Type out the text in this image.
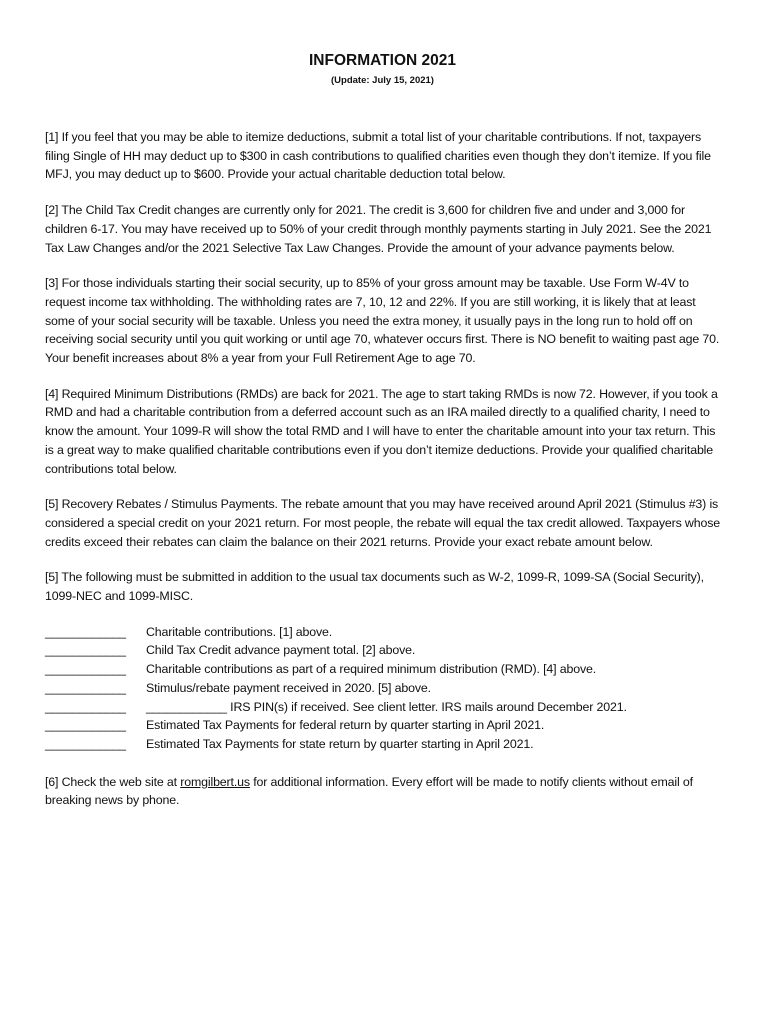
INFORMATION 2021
(Update: July 15, 2021)

[1] If you feel that you may be able to itemize deductions, submit a total list of your charitable contributions. If not, taxpayers filing Single of HH may deduct up to $300 in cash contributions to qualified charities even though they don’t itemize. If you file MFJ, you may deduct up to $600. Provide your actual charitable deduction total below.

[2] The Child Tax Credit changes are currently only for 2021. The credit is 3,600 for children five and under and 3,000 for children 6-17. You may have received up to 50% of your credit through monthly payments starting in July 2021. See the 2021 Tax Law Changes and/or the 2021 Selective Tax Law Changes. Provide the amount of your advance payments below.

[3] For those individuals starting their social security, up to 85% of your gross amount may be taxable. Use Form W-4V to request income tax withholding. The withholding rates are 7, 10, 12 and 22%. If you are still working, it is likely that at least some of your social security will be taxable. Unless you need the extra money, it usually pays in the long run to hold off on receiving social security until you quit working or until age 70, whatever occurs first. There is NO benefit to waiting past age 70. Your benefit increases about 8% a year from your Full Retirement Age to age 70.

[4] Required Minimum Distributions (RMDs) are back for 2021. The age to start taking RMDs is now 72. However, if you took a RMD and had a charitable contribution from a deferred account such as an IRA mailed directly to a qualified charity, I need to know the amount. Your 1099-R will show the total RMD and I will have to enter the charitable amount into your tax return. This is a great way to make qualified charitable contributions even if you don’t itemize deductions. Provide your qualified charitable contributions total below.

[5] Recovery Rebates / Stimulus Payments. The rebate amount that you may have received around April 2021 (Stimulus #3) is considered a special credit on your 2021 return. For most people, the rebate will equal the tax credit allowed. Taxpayers whose credits exceed their rebates can claim the balance on their 2021 returns. Provide your exact rebate amount below.

[5] The following must be submitted in addition to the usual tax documents such as W-2, 1099-R, 1099-SA (Social Security), 1099-NEC and 1099-MISC.

____________	Charitable contributions. [1] above.
____________	Child Tax Credit advance payment total. [2] above.
____________	Charitable contributions as part of a required minimum distribution (RMD). [4] above.
____________	Stimulus/rebate payment received in 2020. [5] above.
____________	____________ IRS PIN(s) if received. See client letter. IRS mails around December 2021.
____________	Estimated Tax Payments for federal return by quarter starting in April 2021.
____________	Estimated Tax Payments for state return by quarter starting in April 2021.

[6] Check the web site at romgilbert.us for additional information. Every effort will be made to notify clients without email of breaking news by phone.
